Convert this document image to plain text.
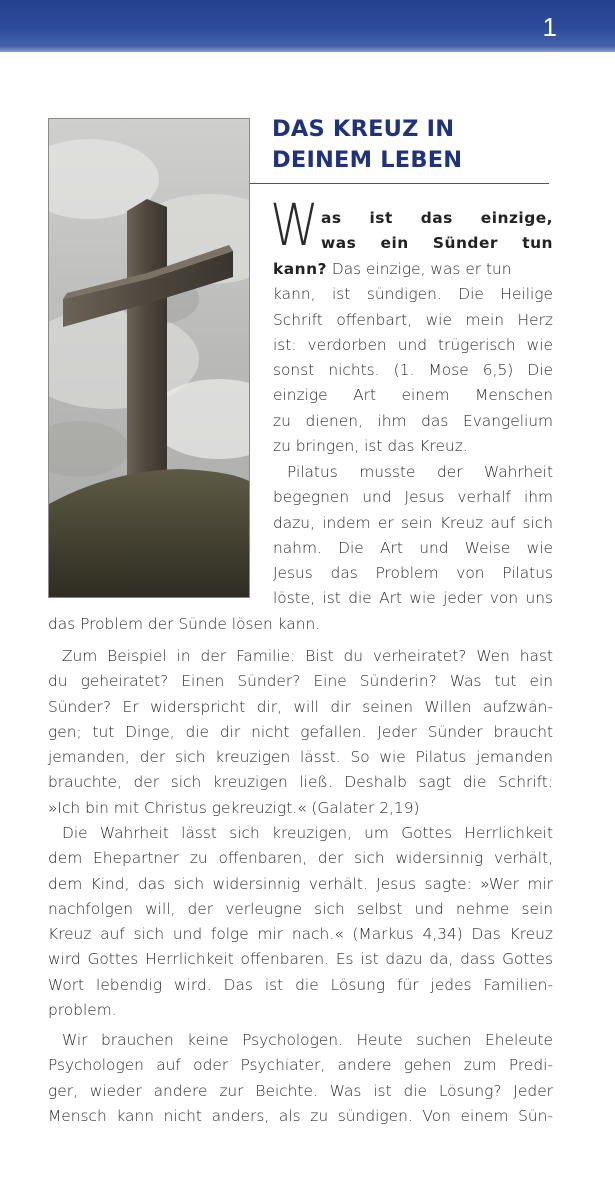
1
DAS KREUZ IN
DEINEM LEBEN
W as ist das einzige,
was ein Sünder tun
kann? Das einzige, was er tun
kann, ist sündigen. Die Heilige
Schrift offenbart, wie mein Herz
ist: verdorben und trügerisch wie
sonst nichts. (1. Mose 6,5) Die
einzige Art einem Menschen
zu dienen, ihm das Evangelium
zu bringen, ist das Kreuz.
Pilatus musste der Wahrheit
begegnen und Jesus verhalf ihm
dazu, indem er sein Kreuz auf sich
nahm. Die Art und Weise wie
Jesus das Problem von Pilatus
löste, ist die Art wie jeder von uns
das Problem der Sünde lösen kann.
Zum Beispiel in der Familie: Bist du verheiratet? Wen hast
du geheiratet? Einen Sünder? Eine Sünderin? Was tut ein
Sünder? Er widerspricht dir, will dir seinen Willen aufzwän-
gen; tut Dinge, die dir nicht gefallen. Jeder Sünder braucht
jemanden, der sich kreuzigen lässt. So wie Pilatus jemanden
brauchte, der sich kreuzigen ließ. Deshalb sagt die Schrift:
»Ich bin mit Christus gekreuzigt.« (Galater 2,19)
Die Wahrheit lässt sich kreuzigen, um Gottes Herrlichkeit
dem Ehepartner zu offenbaren, der sich widersinnig verhält,
dem Kind, das sich widersinnig verhält. Jesus sagte: »Wer mir
nachfolgen will, der verleugne sich selbst und nehme sein
Kreuz auf sich und folge mir nach.« (Markus 4,34) Das Kreuz
wird Gottes Herrlichkeit offenbaren. Es ist dazu da, dass Gottes
Wort lebendig wird. Das ist die Lösung für jedes Familien-
problem.
Wir brauchen keine Psychologen. Heute suchen Eheleute
Psychologen auf oder Psychiater, andere gehen zum Predi-
ger, wieder andere zur Beichte. Was ist die Lösung? Jeder
Mensch kann nicht anders, als zu sündigen. Von einem Sün-
